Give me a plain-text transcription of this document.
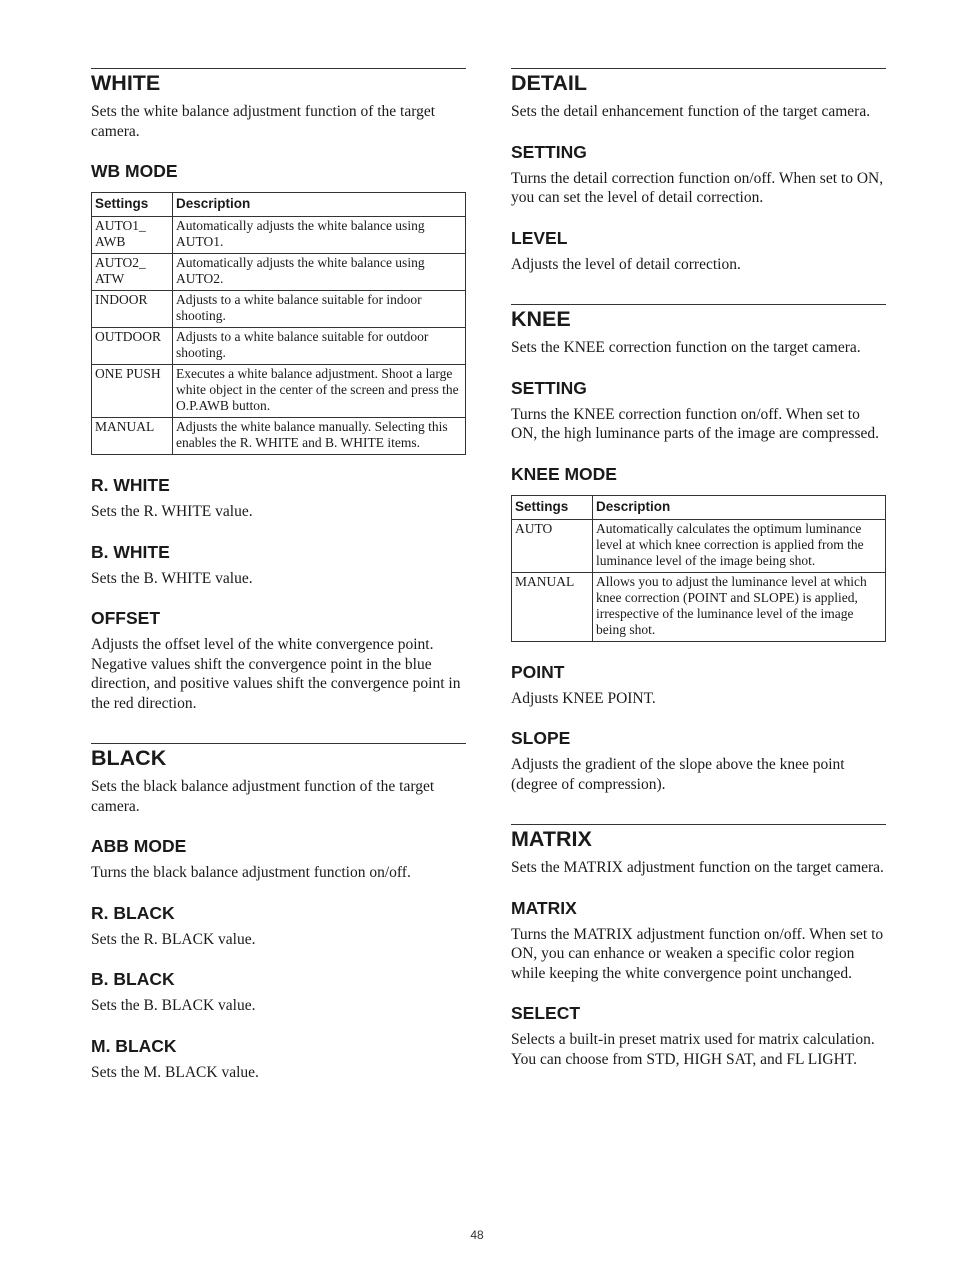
WHITE

Sets the white balance adjustment function of the target camera.

WB MODE
Settings	Description
AUTO1_ AWB	Automatically adjusts the white balance using AUTO1.
AUTO2_ ATW	Automatically adjusts the white balance using AUTO2.
INDOOR	Adjusts to a white balance suitable for indoor shooting.
OUTDOOR	Adjusts to a white balance suitable for outdoor shooting.
ONE PUSH	Executes a white balance adjustment. Shoot a large white object in the center of the screen and press the O.P.AWB button.
MANUAL	Adjusts the white balance manually. Selecting this enables the R. WHITE and B. WHITE items.
R. WHITE

Sets the R. WHITE value.

B. WHITE

Sets the B. WHITE value.

OFFSET

Adjusts the offset level of the white convergence point. Negative values shift the convergence point in the blue direction, and positive values shift the convergence point in the red direction.

BLACK

Sets the black balance adjustment function of the target camera.

ABB MODE

Turns the black balance adjustment function on/off.

R. BLACK

Sets the R. BLACK value.

B. BLACK

Sets the B. BLACK value.

M. BLACK

Sets the M. BLACK value.

DETAIL

Sets the detail enhancement function of the target camera.

SETTING

Turns the detail correction function on/off. When set to ON, you can set the level of detail correction.

LEVEL

Adjusts the level of detail correction.

KNEE

Sets the KNEE correction function on the target camera.

SETTING

Turns the KNEE correction function on/off. When set to ON, the high luminance parts of the image are compressed.

KNEE MODE
Settings	Description
AUTO	Automatically calculates the optimum luminance level at which knee correction is applied from the luminance level of the image being shot.
MANUAL	Allows you to adjust the luminance level at which knee correction (POINT and SLOPE) is applied, irrespective of the luminance level of the image being shot.
POINT

Adjusts KNEE POINT.

SLOPE

Adjusts the gradient of the slope above the knee point (degree of compression).

MATRIX

Sets the MATRIX adjustment function on the target camera.

MATRIX

Turns the MATRIX adjustment function on/off. When set to ON, you can enhance or weaken a specific color region while keeping the white convergence point unchanged.

SELECT

Selects a built-in preset matrix used for matrix calculation. You can choose from STD, HIGH SAT, and FL LIGHT.

48
